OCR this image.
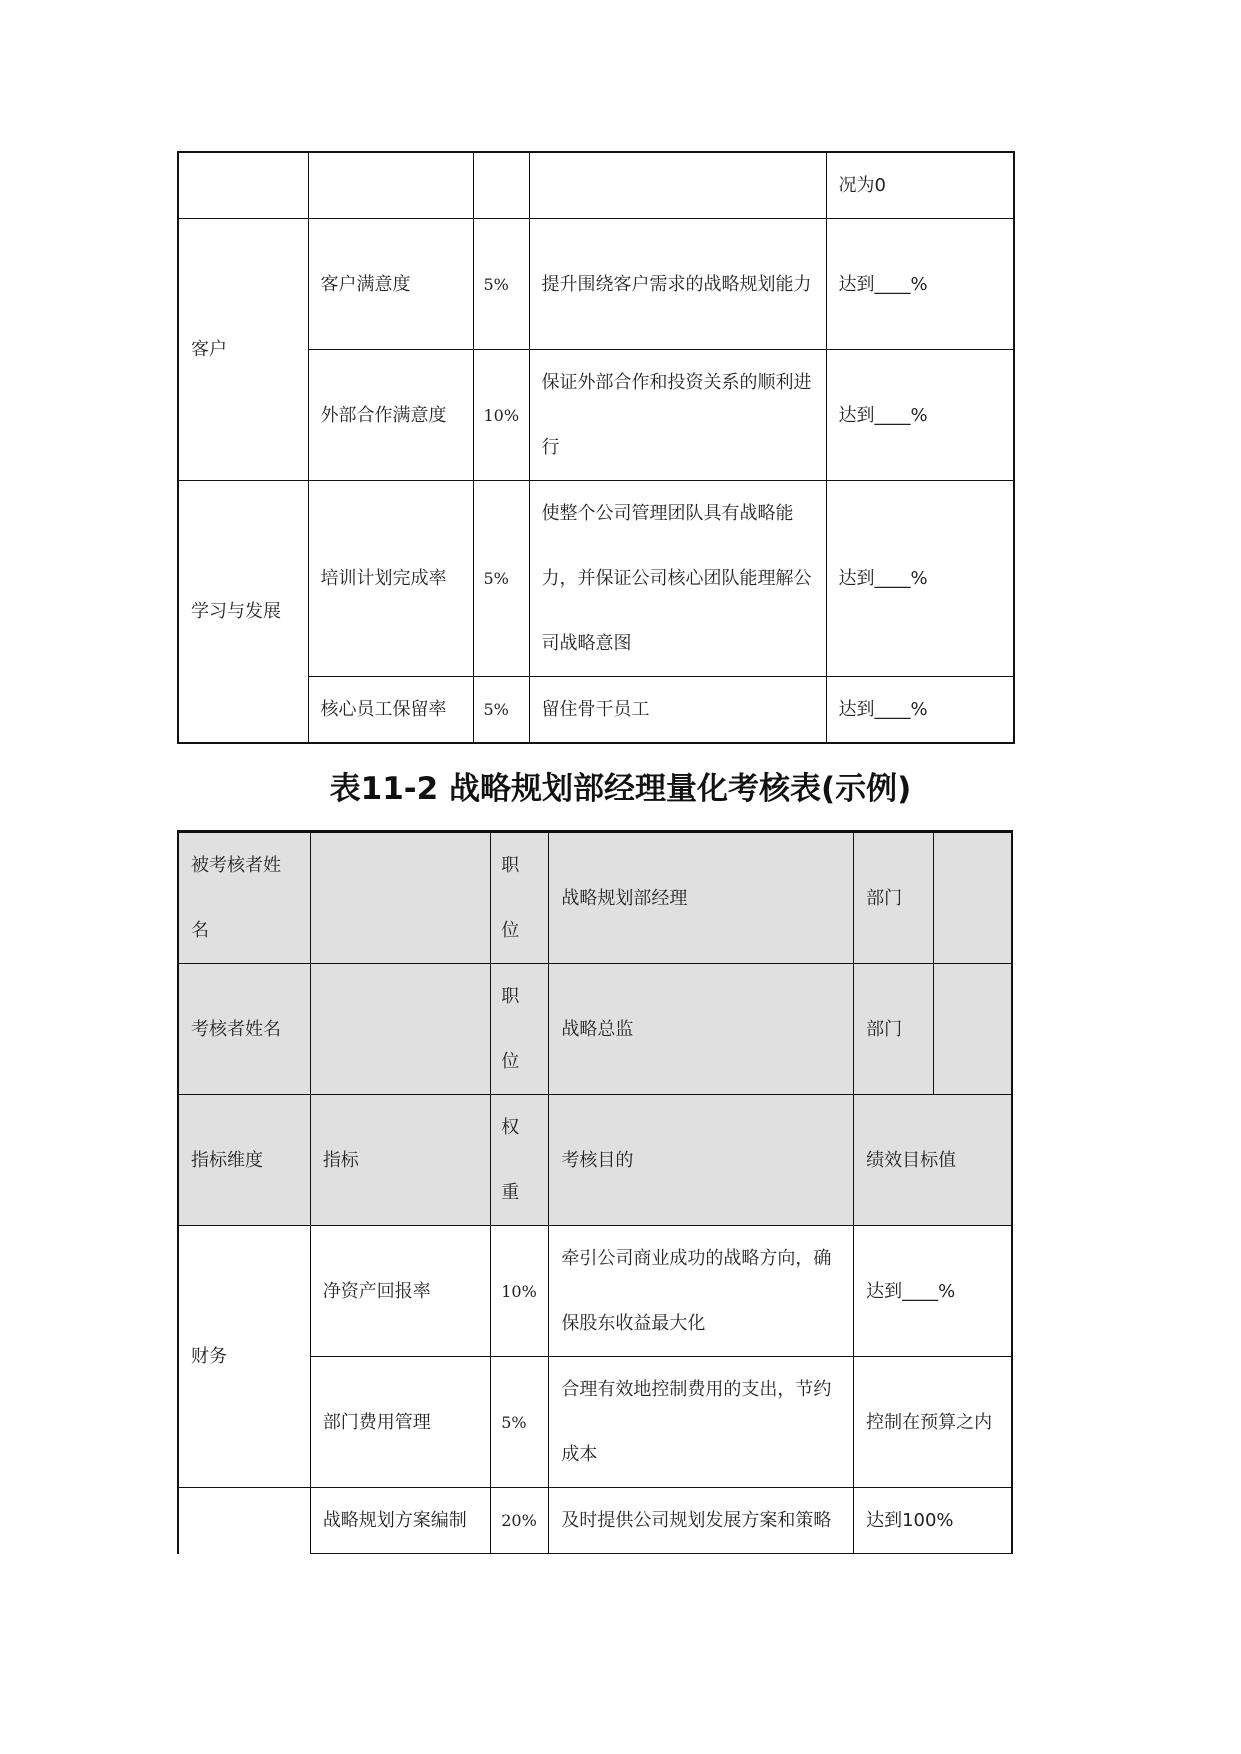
				况为0
客户	客户满意度	5%	提升围绕客户需求的战略规划能力	达到____%
	外部合作满意度	10%	保证外部合作和投资关系的顺利进行	达到____%
学习与发展	培训计划完成率	5%	使整个公司管理团队具有战略能力，并保证公司核心团队能理解公司战略意图	达到____%
	核心员工保留率	5%	留住骨干员工	达到____%
表11-2 战略规划部经理量化考核表(示例)
被考核者姓名		职位	战略规划部经理	部门	
考核者姓名		职位	战略总监	部门	
指标维度	指标	权重	考核目的	绩效目标值	
财务	净资产回报率	10%	牵引公司商业成功的战略方向，确保股东收益最大化	达到____%	
	部门费用管理	5%	合理有效地控制费用的支出，节约成本	控制在预算之内	
	战略规划方案编制	20%	及时提供公司规划发展方案和策略	达到100%	
